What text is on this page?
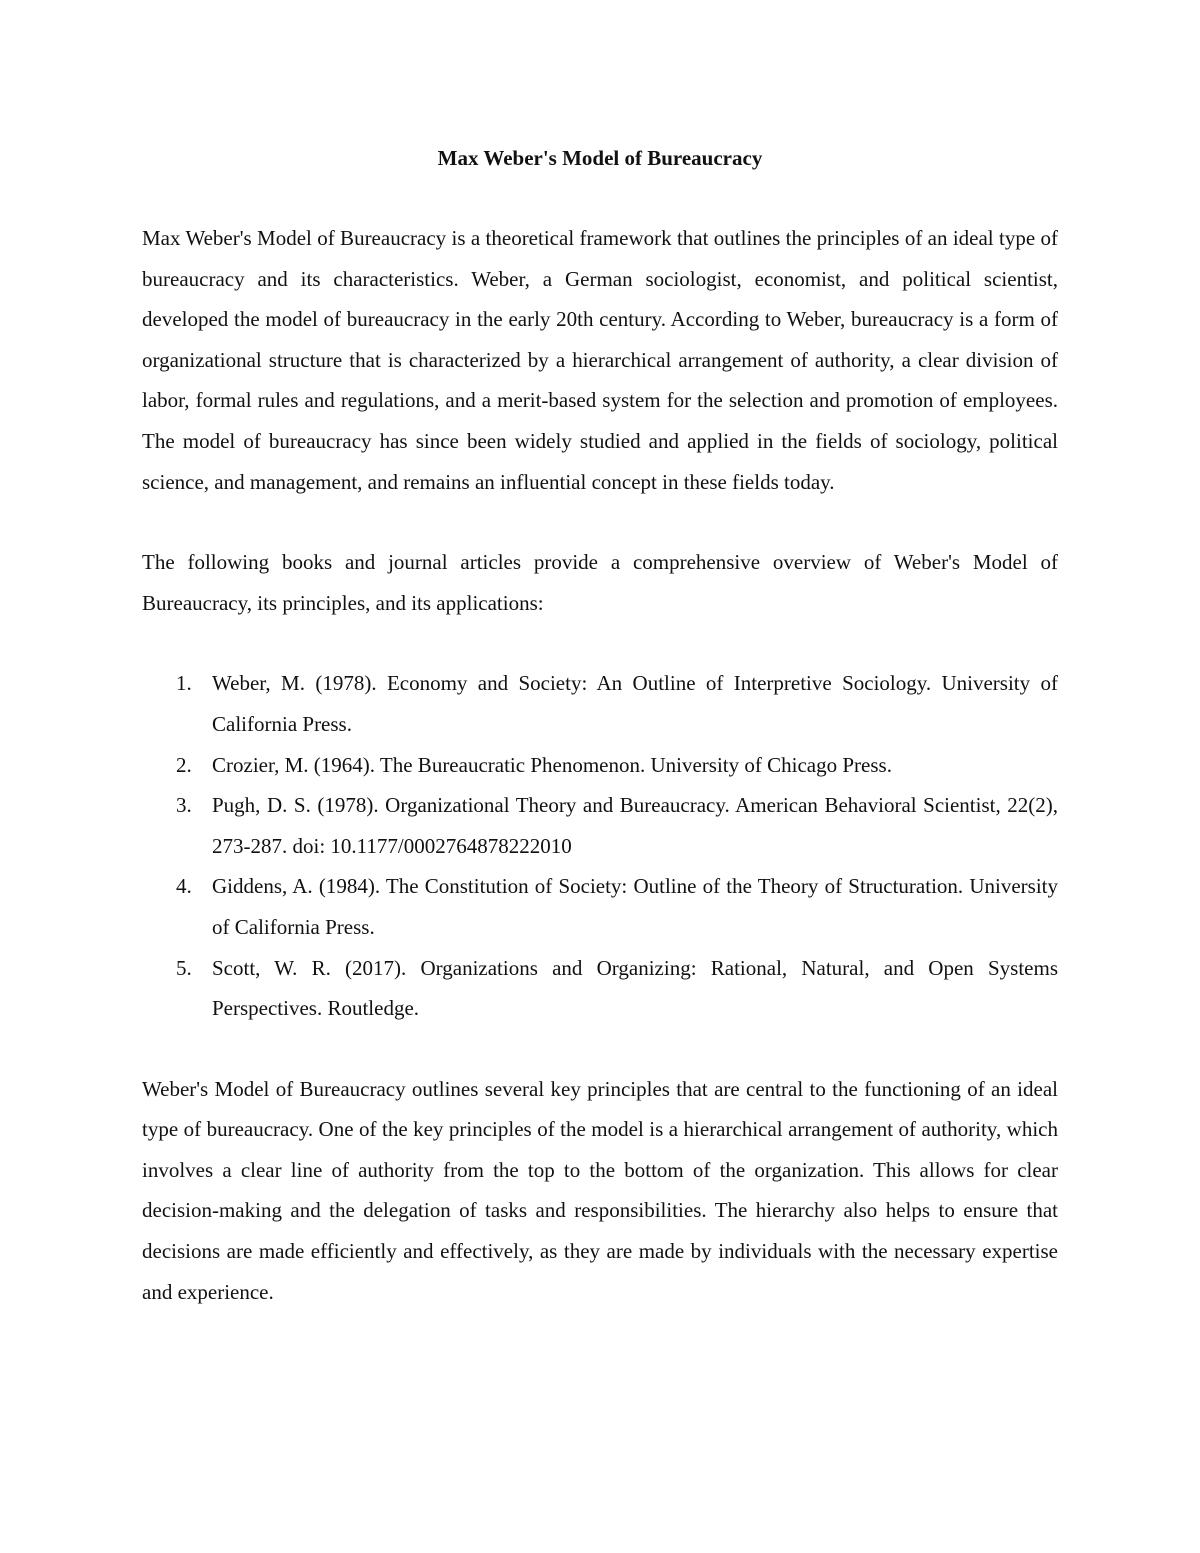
Max Weber's Model of Bureaucracy

Max Weber's Model of Bureaucracy is a theoretical framework that outlines the principles of an ideal type of bureaucracy and its characteristics. Weber, a German sociologist, economist, and political scientist, developed the model of bureaucracy in the early 20th century. According to Weber, bureaucracy is a form of organizational structure that is characterized by a hierarchical arrangement of authority, a clear division of labor, formal rules and regulations, and a merit-based system for the selection and promotion of employees. The model of bureaucracy has since been widely studied and applied in the fields of sociology, political science, and management, and remains an influential concept in these fields today.

The following books and journal articles provide a comprehensive overview of Weber's Model of Bureaucracy, its principles, and its applications:

1. Weber, M. (1978). Economy and Society: An Outline of Interpretive Sociology. University of California Press.
2. Crozier, M. (1964). The Bureaucratic Phenomenon. University of Chicago Press.
3. Pugh, D. S. (1978). Organizational Theory and Bureaucracy. American Behavioral Scientist, 22(2), 273-287. doi: 10.1177/0002764878222010
4. Giddens, A. (1984). The Constitution of Society: Outline of the Theory of Structuration. University of California Press.
5. Scott, W. R. (2017). Organizations and Organizing: Rational, Natural, and Open Systems Perspectives. Routledge.

Weber's Model of Bureaucracy outlines several key principles that are central to the functioning of an ideal type of bureaucracy. One of the key principles of the model is a hierarchical arrangement of authority, which involves a clear line of authority from the top to the bottom of the organization. This allows for clear decision-making and the delegation of tasks and responsibilities. The hierarchy also helps to ensure that decisions are made efficiently and effectively, as they are made by individuals with the necessary expertise and experience.
